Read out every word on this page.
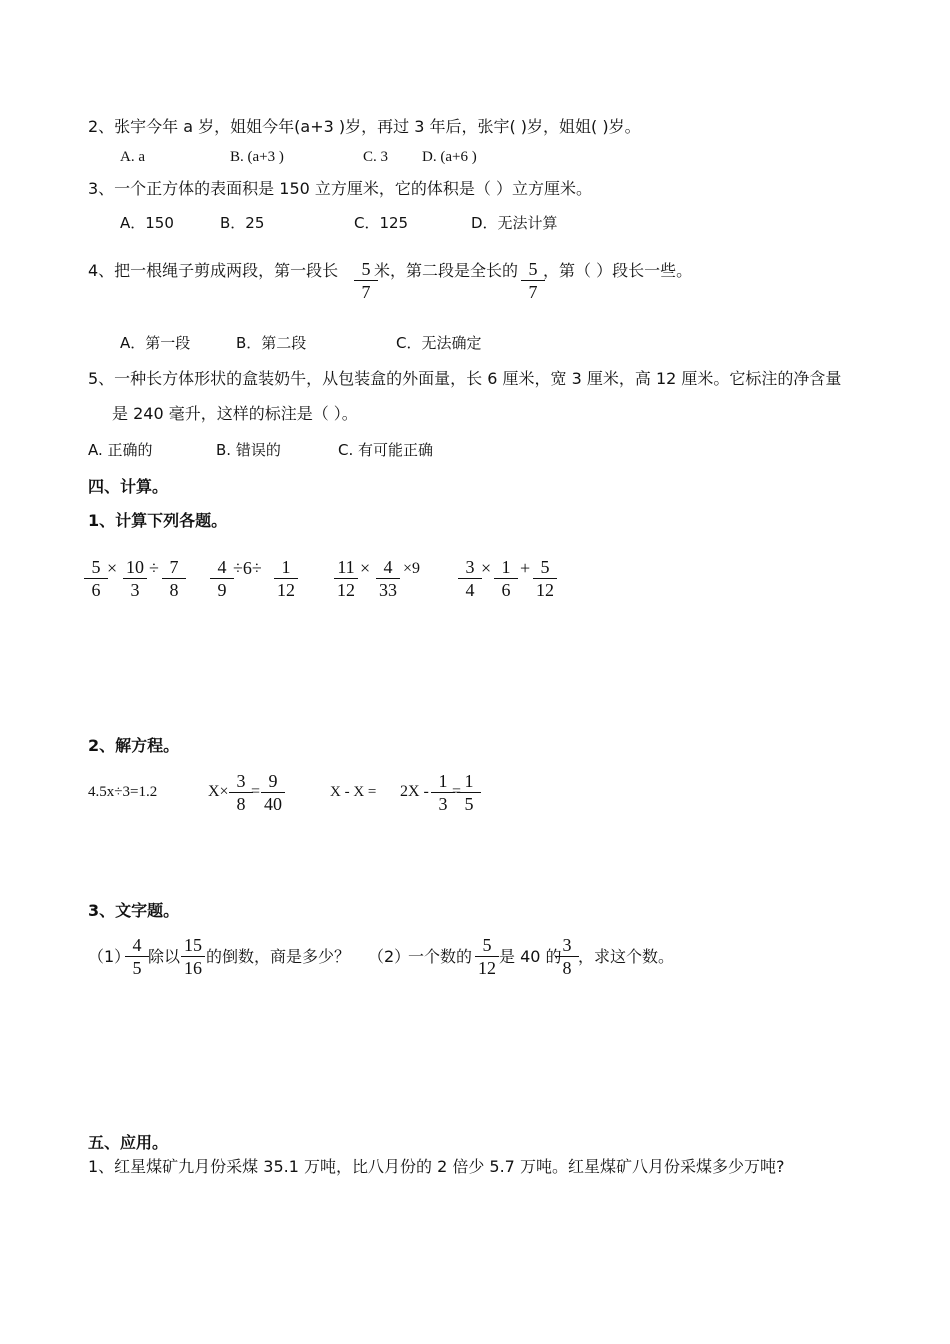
2、张宇今年 a 岁，姐姐今年(a+3 )岁，再过 3 年后，张宇( )岁，姐姐( )岁。
A. a	B. (a+3 )	C. 3 D. (a+6 )
3、一个正方体的表面积是 150 立方厘米，它的体积是（ ）立方厘米。
A．150	B．25	C．125	D．无法计算
4、把一根绳子剪成两段，第一段长 $\frac{5}{7}$
米，第二段是全长的 $\frac{5}{7}$
，第（ ）段长一些。
A．第一段	B．第二段	C．无法确定
5、一种长方体形状的盒装奶牛，从包装盒的外面量，长 6 厘米，宽 3 厘米，高 12 厘米。它标注的净含量
是 240 毫升，这样的标注是（ ）。
A. 正确的	B. 错误的	C. 有可能正确
四、计算。
1、计算下列各题。
$\frac{5}{6} \times \frac{10}{3} \div \frac{7}{8} \frac{4}{9} \div 6\div \frac{1}{12} \frac{11}{12} \times \frac{4}{33} \times 9 \frac{3}{4} \times \frac{1}{6} + \frac{5}{12}$
2、解方程。
4.5x÷3=1.2	$X\times \frac{3}{8}$
= $\frac{9}{40}$	$X - X = 2X - \frac{1}{3}$
=
$\frac{1}{5}$
3、文字题。
（1）
$\frac{4}{5}$ 除以 $\frac{15}{16}$ 的倒数，商是多少？ （2）
一个数的 $\frac{5}{12}$ 是 40 的
$\frac{3}{8}$ ，求这个数。
五、应用。
1、红星煤矿九月份采煤 35.1 万吨，比八月份的 2 倍少 5.7 万吨。红星煤矿八月份采煤多少万吨?
